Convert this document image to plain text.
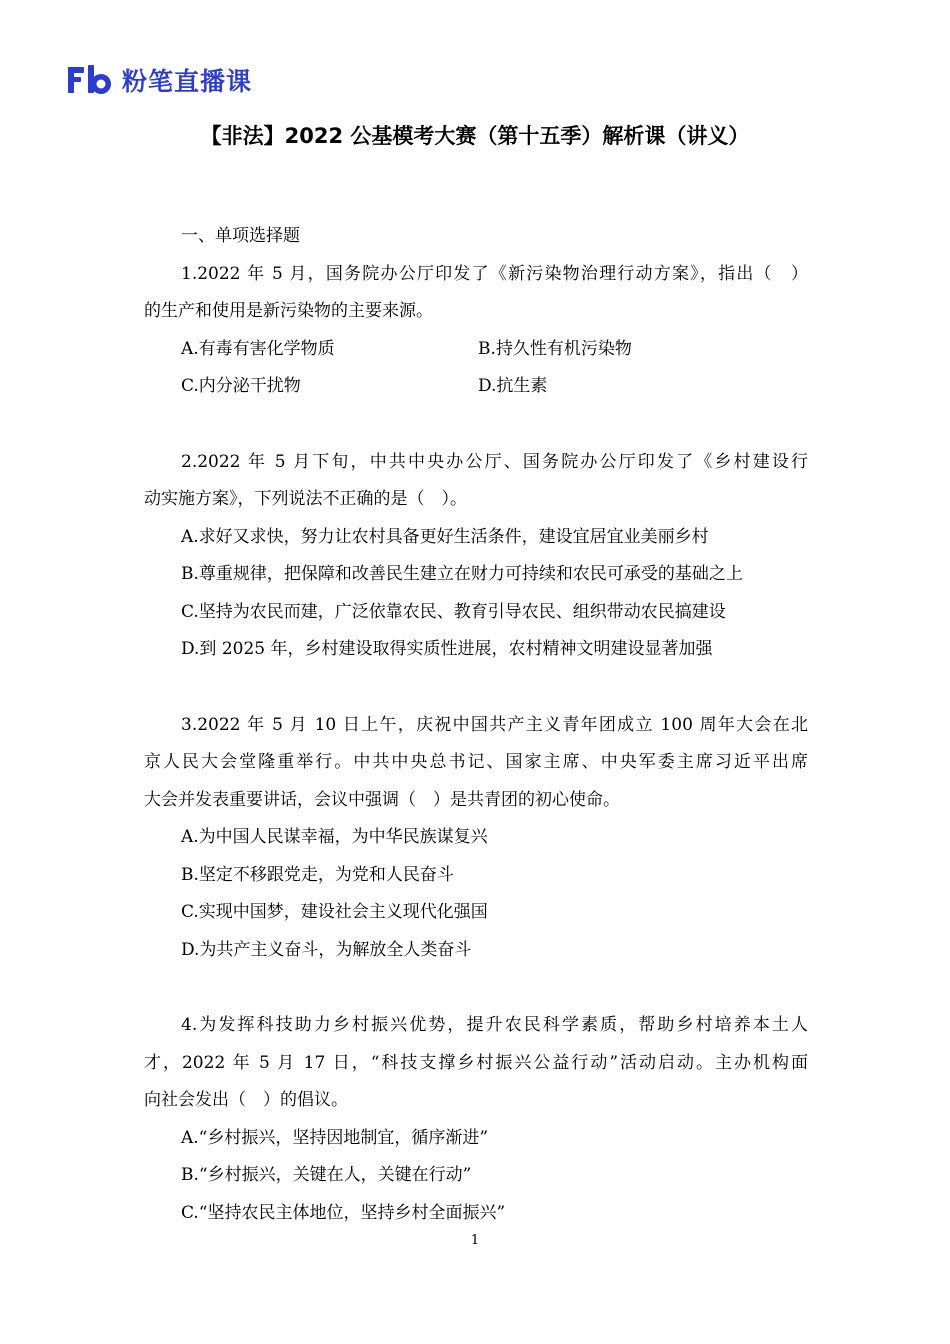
粉笔直播课
【非法】2022 公基模考大赛（第十五季）解析课（讲义）
一、单项选择题
1.2022 年 5 月，国务院办公厅印发了《新污染物治理行动方案》，指出（　）
的生产和使用是新污染物的主要来源。
A.有毒有害化学物质	B.持久性有机污染物
C.内分泌干扰物	D.抗生素
2.2022 年 5 月下旬，中共中央办公厅、国务院办公厅印发了《乡村建设行
动实施方案》，下列说法不正确的是（　）。
A.求好又求快，努力让农村具备更好生活条件，建设宜居宜业美丽乡村
B.尊重规律，把保障和改善民生建立在财力可持续和农民可承受的基础之上
C.坚持为农民而建，广泛依靠农民、教育引导农民、组织带动农民搞建设
D.到 2025 年，乡村建设取得实质性进展，农村精神文明建设显著加强
3.2022 年 5 月 10 日上午，庆祝中国共产主义青年团成立 100 周年大会在北
京人民大会堂隆重举行。中共中央总书记、国家主席、中央军委主席习近平出席
大会并发表重要讲话，会议中强调（　）是共青团的初心使命。
A.为中国人民谋幸福，为中华民族谋复兴
B.坚定不移跟党走，为党和人民奋斗
C.实现中国梦，建设社会主义现代化强国
D.为共产主义奋斗，为解放全人类奋斗
4.为发挥科技助力乡村振兴优势，提升农民科学素质，帮助乡村培养本土人
才，2022 年 5 月 17 日，“科技支撑乡村振兴公益行动”活动启动。主办机构面
向社会发出（　）的倡议。
A.“乡村振兴，坚持因地制宜，循序渐进”
B.“乡村振兴，关键在人，关键在行动”
C.“坚持农民主体地位，坚持乡村全面振兴”
1
